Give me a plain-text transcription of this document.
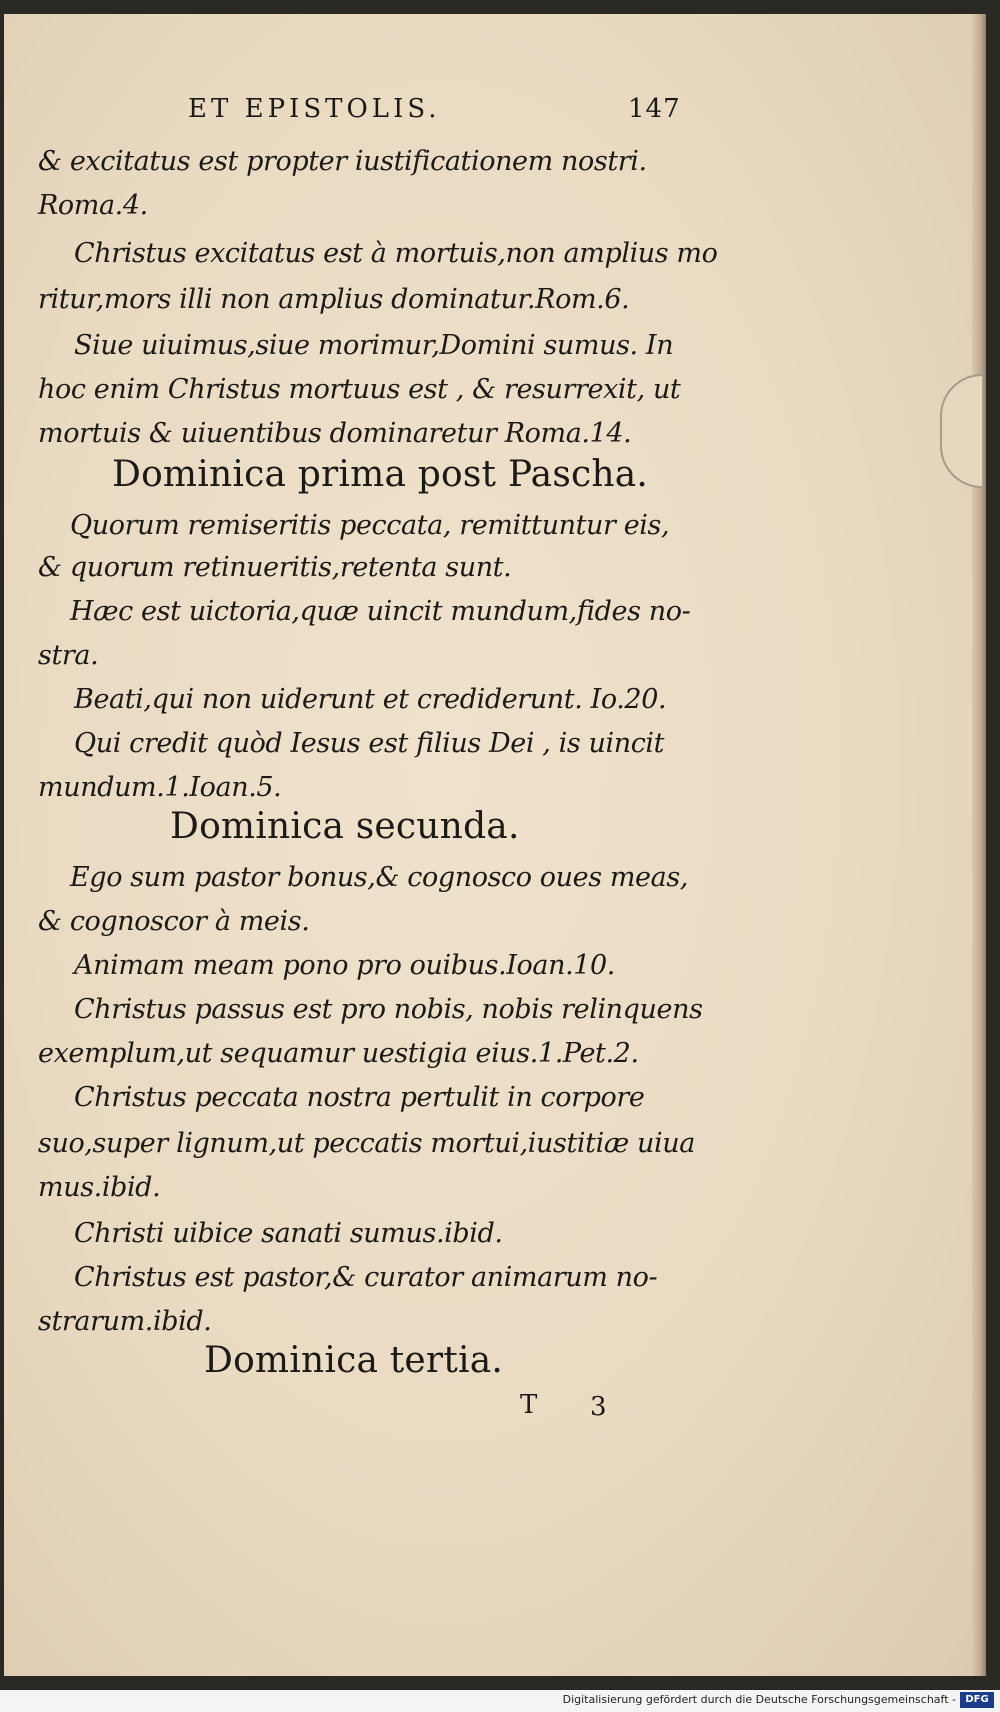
ET EPISTOLIS.	147
& excitatus est propter iustificationem nostri.
Roma.4.
Christus excitatus est à mortuis,non amplius mo
ritur,mors illi non amplius dominatur.Rom.6.
Siue uiuimus,siue morimur,Domini sumus. In
hoc enim Christus mortuus est , & resurrexit, ut
mortuis & uiuentibus dominaretur Roma.14.
Dominica prima post Pascha.
Quorum remiseritis peccata, remittuntur eis,
& quorum retinueritis,retenta sunt.
Hæc est uictoria,quæ uincit mundum,fides no-
stra.
Beati,qui non uiderunt et crediderunt. Io.20.
Qui credit quòd Iesus est filius Dei , is uincit
mundum.1.Ioan.5.
Dominica secunda.
Ego sum pastor bonus,& cognosco oues meas,
& cognoscor à meis.
Animam meam pono pro ouibus.Ioan.10.
Christus passus est pro nobis, nobis relinquens
exemplum,ut sequamur uestigia eius.1.Pet.2.
Christus peccata nostra pertulit in corpore
suo,super lignum,ut peccatis mortui,iustitiæ uiua
mus.ibid.
Christi uibice sanati sumus.ibid.
Christus est pastor,& curator animarum no-
strarum.ibid.
Dominica tertia.
T 3
Digitalisierung gefördert durch die Deutsche Forschungsgemeinschaft - DFG
